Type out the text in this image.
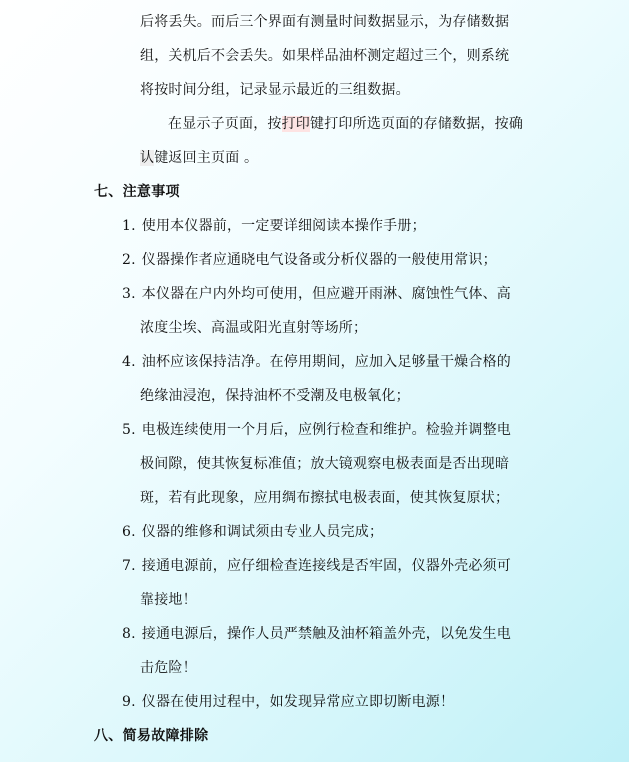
后将丢失。而后三个界面有测量时间数据显示，为存储数据
组，关机后不会丢失。如果样品油杯测定超过三个，则系统
将按时间分组，记录显示最近的三组数据。
在显示子页面，按打印键打印所选页面的存储数据，按确
认键返回主页面 。
七、注意事项
1. 使用本仪器前，一定要详细阅读本操作手册；
2. 仪器操作者应通晓电气设备或分析仪器的一般使用常识；
3. 本仪器在户内外均可使用，但应避开雨淋、腐蚀性气体、高
浓度尘埃、高温或阳光直射等场所；
4. 油杯应该保持洁净。在停用期间，应加入足够量干燥合格的
绝缘油浸泡，保持油杯不受潮及电极氧化；
5. 电极连续使用一个月后，应例行检查和维护。检验并调整电
极间隙，使其恢复标准值；放大镜观察电极表面是否出现暗
斑，若有此现象，应用绸布擦拭电极表面，使其恢复原状；
6. 仪器的维修和调试须由专业人员完成；
7. 接通电源前，应仔细检查连接线是否牢固，仪器外壳必须可
靠接地！
8. 接通电源后，操作人员严禁触及油杯箱盖外壳，以免发生电
击危险！
9. 仪器在使用过程中，如发现异常应立即切断电源！
八、简易故障排除
